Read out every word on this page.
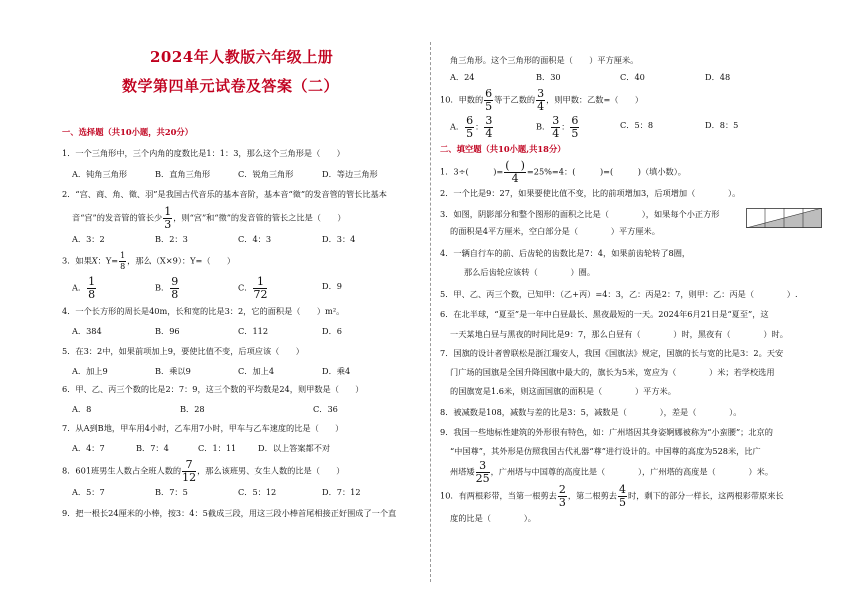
2024年人教版六年级上册
数学第四单元试卷及答案（二）
一、选择题（共10小题，共20分）
1．一个三角形中，三个内角的度数比是1：1：3，那么这个三角形是（　　）
A．钝角三角形	B．直角三角形	C．锐角三角形	D．等边三角形
2．“宫、商、角、徵、羽”是我国古代音乐的基本音阶，基本音“徵”的发音管的管长比基本
音“宫”的发音管的管长少 $\frac{1}{3}$ ，则“宫”和“徵”的发音管的管长之比是（　　）
A．3：2	B．2：3	C．4：3	D．3：4
3．如果X：$Y= \frac{1}{8}$ ，那么（X×9）：Y=（　　）
A． $\frac{1}{8}$	B． $\frac{9}{8}$	C． $\frac{1}{72}$	D．9
4．一个长方形的周长是40m，长和宽的比是3：2，它的面积是（　　）m²。
A．384	B．96	C．112	D．6
5．在3：2中，如果前项加上9，要使比值不变，后项应该（　　）
A．加上9	B．乘以9	C．加上4	D．乘4
6．甲、乙、丙三个数的比是2：7：9，这三个数的平均数是24，则甲数是（　　）
A．8	B．28	C．36
7．从A到B地，甲车用4小时，乙车用7小时，甲车与乙车速度的比是（　　）
A．4：7	B．7：4	C．1：11	D．以上答案都不对
8．601班男生人数占全班人数的 $\frac{7}{12}$ ，那么该班男、女生人数的比是（　　）
A．5：7	B．7：5	C．5：12	D．7：12
9．把一根长24厘米的小棒，按3：4：5截成三段，用这三段小棒首尾相接正好围成了一个直
角三角形。这个三角形的面积是（　　）平方厘米。
A．24	B．30	C．40	D．48
10．甲数的 $\frac{6}{5}$ 等于乙数的 $\frac{3}{4}$ ，则甲数：乙数=（　　）
A． $\frac{6}{5}$ ： $\frac{3}{4}$	B． $\frac{3}{4}$ ： $\frac{6}{5}$	C．5：8	D．8：5
二、填空题（共10小题,共18分）
1．3÷(　　　)= $\frac{( )}{4} =25\%=4$：(　　　)=(　　　)（填小数）。
2．一个比是9：27，如果要使比值不变，比的前项增加3，后项增加（　　　　）。
3．如图，阴影部分和整个图形的面积之比是（　　　　），如果每个小正方形
的面积是4平方厘米，空白部分是（　　　　）平方厘米。
4．一辆自行车的前、后齿轮的齿数比是7：4，如果前齿轮转了8圈，
那么后齿轮应该转（　　　　）圈。
5．甲、乙、丙三个数，已知甲：（乙+丙）=4：3，乙：丙是2：7，则甲：乙：丙是（　　　　）.
6．在北半球，“夏至”是一年中白昼最长、黑夜最短的一天。2024年6月21日是“夏至”，这
一天某地白昼与黑夜的时间比是9：7，那么白昼有（　　　　）时，黑夜有（　　　　）时。
7．国旗的设计者曾联松是浙江瑞安人，我国《国旗法》规定，国旗的长与宽的比是3：2。天安
门广场的国旗是全国升降国旗中最大的，旗长为5米，宽应为（　　　　）米；若学校选用
的国旗宽是1.6米，则这面国旗的面积是（　　　　）平方米。
8．被减数是108，减数与差的比是3：5，减数是（　　　　），差是（　　　　）。
9．我国一些地标性建筑的外形很有特色，如：广州塔因其身姿婀娜被称为“小蛮腰”；北京的
“中国尊”，其外形是仿照我国古代礼器“尊”进行设计的。中国尊的高度为528米，比广
州塔矮 $\frac{3}{25}$ ，广州塔与中国尊的高度比是（　　　　），广州塔的高度是（　　　　）米。
10．有两根彩带，当第一根剪去 $\frac{2}{3}$ ，第二根剪去 $\frac{4}{5}$ 时，剩下的部分一样长，这两根彩带原来长
度的比是（　　　　）。
